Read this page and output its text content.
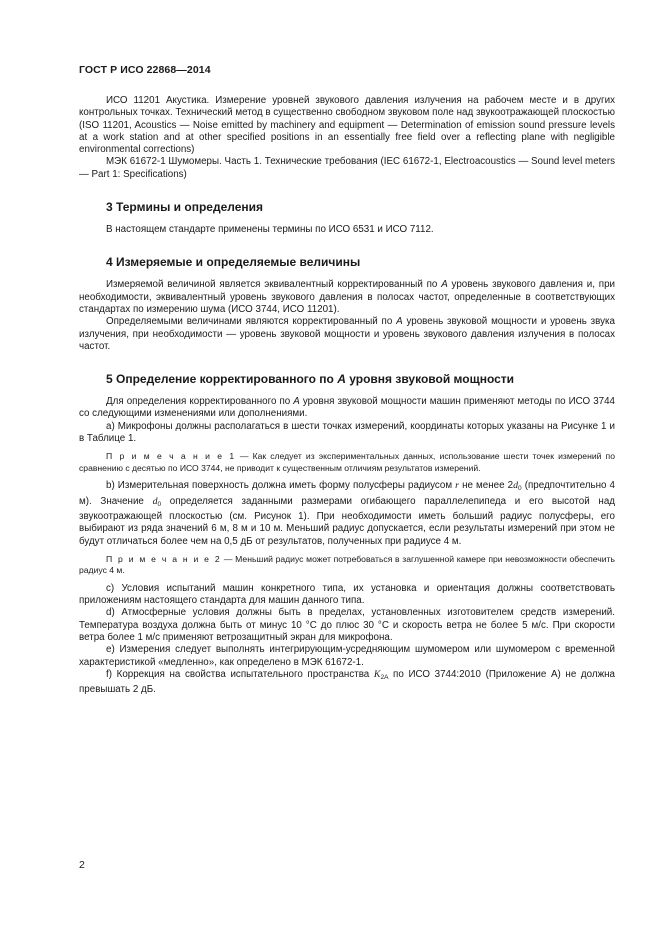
ГОСТ Р ИСО 22868—2014

ИСО 11201 Акустика. Измерение уровней звукового давления излучения на рабочем месте и в других контрольных точках. Технический метод в существенно свободном звуковом поле над звукоотражающей плоскостью (ISO 11201, Acoustics — Noise emitted by machinery and equipment — Determination of emission sound pressure levels at a work station and at other specified positions in an essentially free field over a reflecting plane with negligible environmental corrections)

МЭК 61672-1 Шумомеры. Часть 1. Технические требования (IEC 61672-1, Electroacoustics — Sound level meters — Part 1: Specifications)

3 Термины и определения

В настоящем стандарте применены термины по ИСО 6531 и ИСО 7112.

4 Измеряемые и определяемые величины

Измеряемой величиной является эквивалентный корректированный по А уровень звукового давления и, при необходимости, эквивалентный уровень звукового давления в полосах частот, определенные в соответствующих стандартах по измерению шума (ИСО 3744, ИСО 11201).

Определяемыми величинами являются корректированный по А уровень звуковой мощности и уровень звука излучения, при необходимости — уровень звуковой мощности и уровень звукового давления излучения в полосах частот.

5 Определение корректированного по А уровня звуковой мощности

Для определения корректированного по А уровня звуковой мощности машин применяют методы по ИСО 3744 со следующими изменениями или дополнениями.

а) Микрофоны должны располагаться в шести точках измерений, координаты которых указаны на Рисунке 1 и в Таблице 1.

П р и м е ч а н и е 1 — Как следует из экспериментальных данных, использование шести точек измерений по сравнению с десятью по ИСО 3744, не приводит к существенным отличиям результатов измерений.

b) Измерительная поверхность должна иметь форму полусферы радиусом r не менее $2d_0$ (предпочтительно 4 м). Значение $d_0$ определяется заданными размерами огибающего параллелепипеда и его высотой над звукоотражающей плоскостью (см. Рисунок 1). При необходимости иметь больший радиус полусферы, его выбирают из ряда значений 6 м, 8 м и 10 м. Меньший радиус допускается, если результаты измерений при этом не будут отличаться более чем на 0,5 дБ от результатов, полученных при радиусе 4 м.

П р и м е ч а н и е 2 — Меньший радиус может потребоваться в заглушенной камере при невозможности обеспечить радиус 4 м.

c) Условия испытаний машин конкретного типа, их установка и ориентация должны соответствовать приложениям настоящего стандарта для машин данного типа.

d) Атмосферные условия должны быть в пределах, установленных изготовителем средств измерений. Температура воздуха должна быть от минус 10 °С до плюс 30 °С и скорость ветра не более 5 м/с. При скорости ветра более 1 м/с применяют ветрозащитный экран для микрофона.

e) Измерения следует выполнять интегрирующим-усредняющим шумомером или шумомером с временной характеристикой «медленно», как определено в МЭК 61672-1.

f) Коррекция на свойства испытательного пространства $K_{2A}$ по ИСО 3744:2010 (Приложение А) не должна превышать 2 дБ.

2
